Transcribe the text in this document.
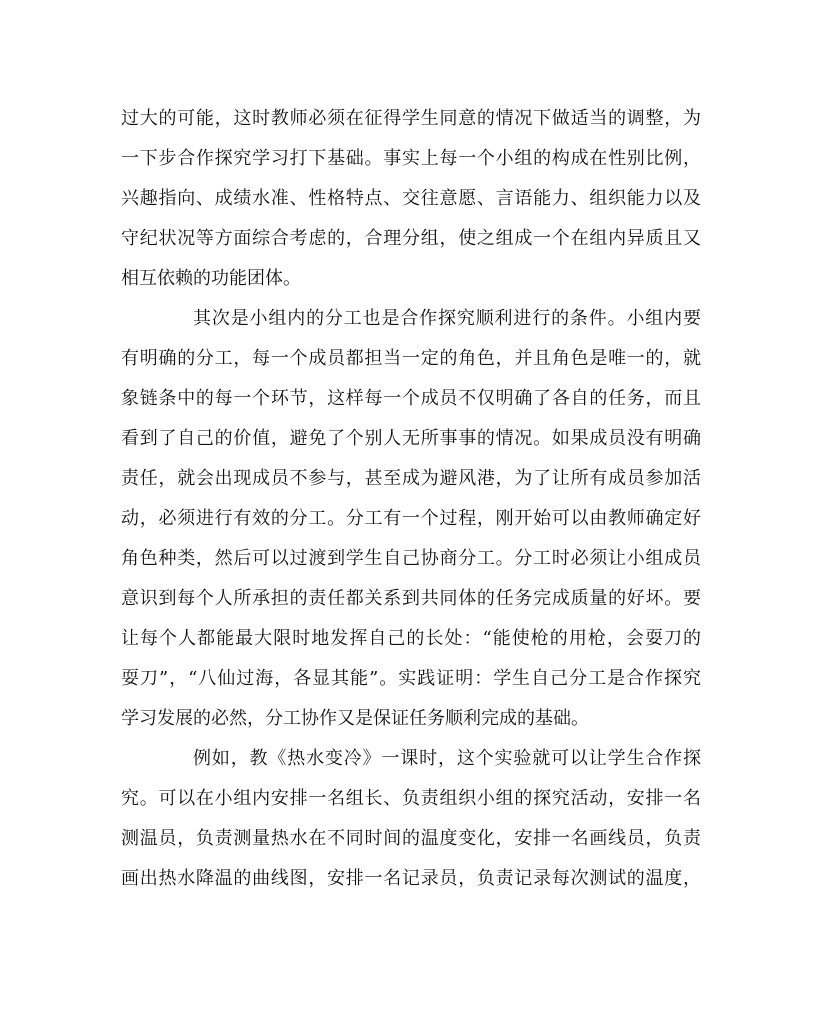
过大的可能，这时教师必须在征得学生同意的情况下做适当的调整，为
一下步合作探究学习打下基础。事实上每一个小组的构成在性别比例，
兴趣指向、成绩水准、性格特点、交往意愿、言语能力、组织能力以及
守纪状况等方面综合考虑的，合理分组，使之组成一个在组内异质且又
相互依赖的功能团体。
其次是小组内的分工也是合作探究顺利进行的条件。小组内要
有明确的分工，每一个成员都担当一定的角色，并且角色是唯一的，就
象链条中的每一个环节，这样每一个成员不仅明确了各自的任务，而且
看到了自己的价值，避免了个别人无所事事的情况。如果成员没有明确
责任，就会出现成员不参与，甚至成为避风港，为了让所有成员参加活
动，必须进行有效的分工。分工有一个过程，刚开始可以由教师确定好
角色种类，然后可以过渡到学生自己协商分工。分工时必须让小组成员
意识到每个人所承担的责任都关系到共同体的任务完成质量的好坏。要
让每个人都能最大限时地发挥自己的长处：“能使枪的用枪，会耍刀的
耍刀”，“八仙过海，各显其能”。实践证明：学生自己分工是合作探究
学习发展的必然，分工协作又是保证任务顺利完成的基础。
例如，教《热水变冷》一课时，这个实验就可以让学生合作探
究。可以在小组内安排一名组长、负责组织小组的探究活动，安排一名
测温员，负责测量热水在不同时间的温度变化，安排一名画线员，负责
画出热水降温的曲线图，安排一名记录员，负责记录每次测试的温度，
